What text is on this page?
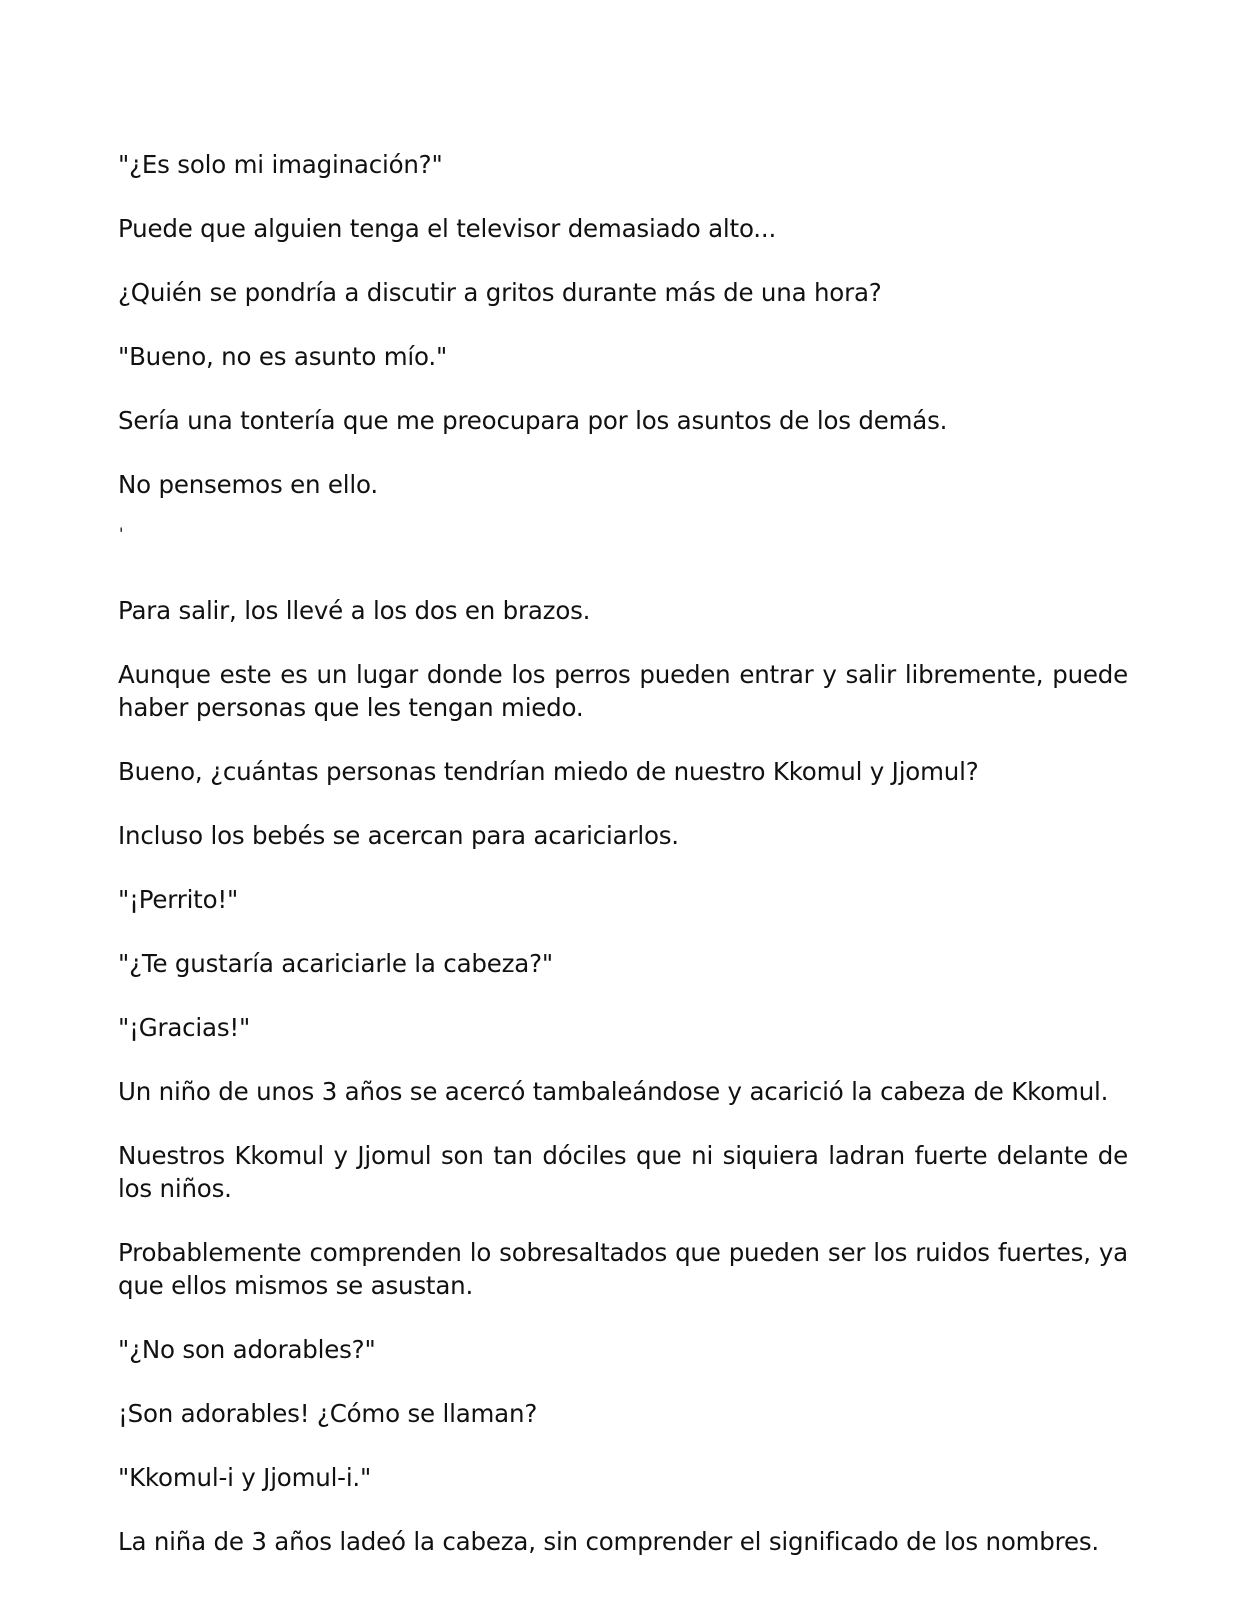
"¿Es solo mi imaginación?"

Puede que alguien tenga el televisor demasiado alto...

¿Quién se pondría a discutir a gritos durante más de una hora?

"Bueno, no es asunto mío."

Sería una tontería que me preocupara por los asuntos de los demás.

No pensemos en ello.

'

Para salir, los llevé a los dos en brazos.

Aunque este es un lugar donde los perros pueden entrar y salir libremente, puede haber personas que les tengan miedo.

Bueno, ¿cuántas personas tendrían miedo de nuestro Kkomul y Jjomul?

Incluso los bebés se acercan para acariciarlos.

"¡Perrito!"

"¿Te gustaría acariciarle la cabeza?"

"¡Gracias!"

Un niño de unos 3 años se acercó tambaleándose y acarició la cabeza de Kkomul.

Nuestros Kkomul y Jjomul son tan dóciles que ni siquiera ladran fuerte delante de los niños.

Probablemente comprenden lo sobresaltados que pueden ser los ruidos fuertes, ya que ellos mismos se asustan.

"¿No son adorables?"

¡Son adorables! ¿Cómo se llaman?

"Kkomul-i y Jjomul-i."

La niña de 3 años ladeó la cabeza, sin comprender el significado de los nombres.
